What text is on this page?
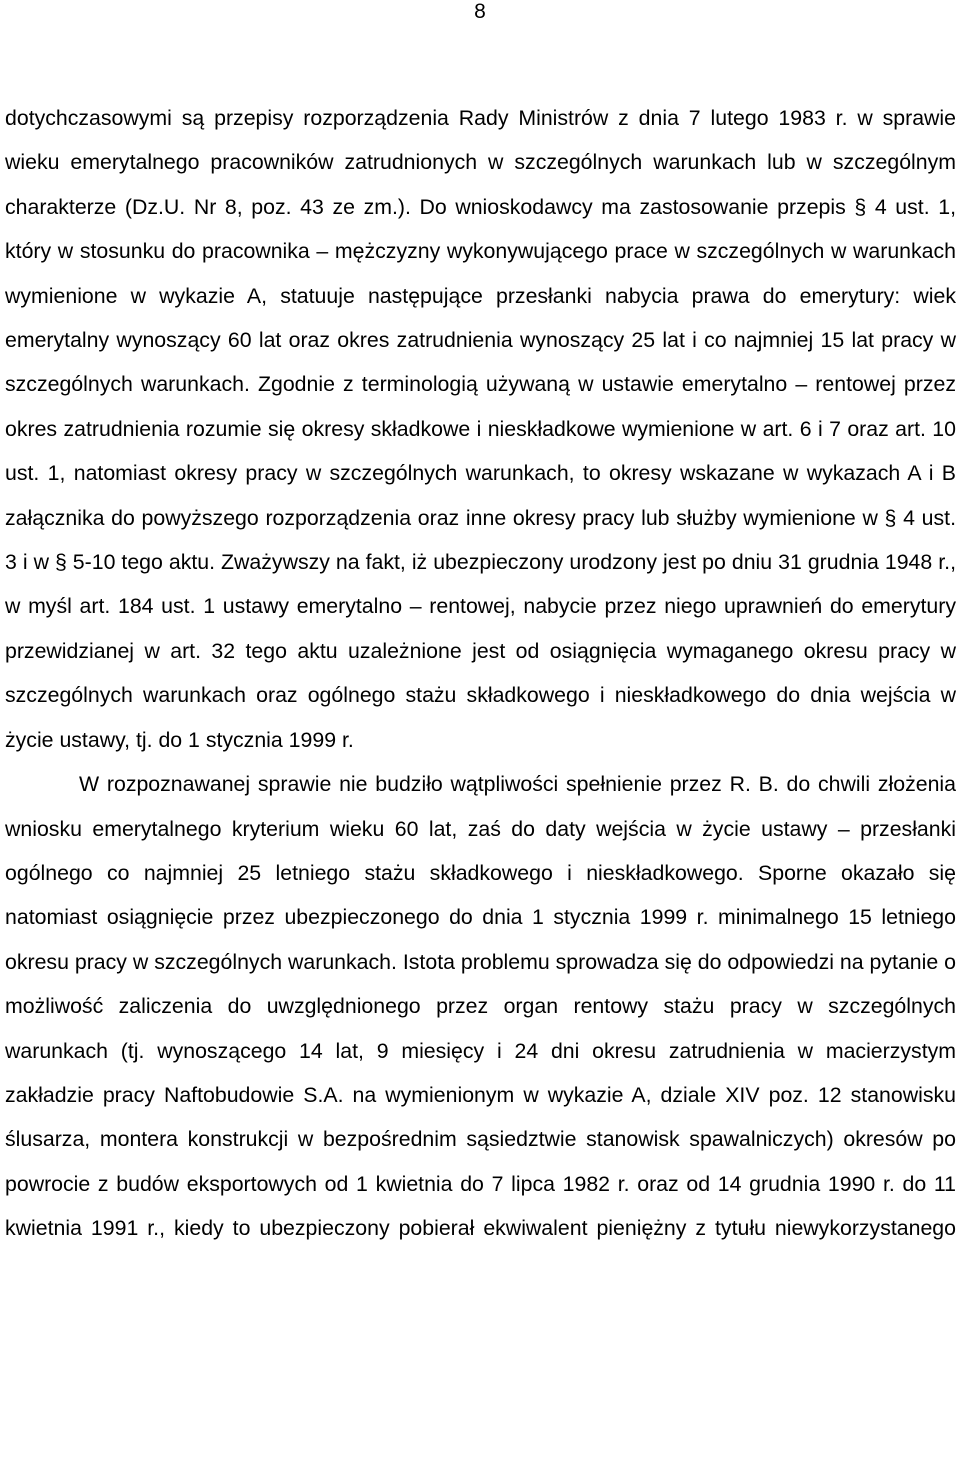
8

dotychczasowymi są przepisy rozporządzenia Rady Ministrów z dnia 7 lutego 1983 r. w sprawie wieku emerytalnego pracowników zatrudnionych w szczególnych warunkach lub w szczególnym charakterze (Dz.U. Nr 8, poz. 43 ze zm.). Do wnioskodawcy ma zastosowanie przepis § 4 ust. 1, który w stosunku do pracownika – mężczyzny wykonywującego prace w szczególnych w warunkach wymienione w wykazie A, statuuje następujące przesłanki nabycia prawa do emerytury: wiek emerytalny wynoszący 60 lat oraz okres zatrudnienia wynoszący 25 lat i co najmniej 15 lat pracy w szczególnych warunkach. Zgodnie z terminologią używaną w ustawie emerytalno – rentowej przez okres zatrudnienia rozumie się okresy składkowe i nieskładkowe wymienione w art. 6 i 7 oraz art. 10 ust. 1, natomiast okresy pracy w szczególnych warunkach, to okresy wskazane w wykazach A i B załącznika do powyższego rozporządzenia oraz inne okresy pracy lub służby wymienione w § 4 ust. 3 i w § 5-10 tego aktu. Zważywszy na fakt, iż ubezpieczony urodzony jest po dniu 31 grudnia 1948 r., w myśl art. 184 ust. 1 ustawy emerytalno – rentowej, nabycie przez niego uprawnień do emerytury przewidzianej w art. 32 tego aktu uzależnione jest od osiągnięcia wymaganego okresu pracy w szczególnych warunkach oraz ogólnego stażu składkowego i nieskładkowego do dnia wejścia w życie ustawy, tj. do 1 stycznia 1999 r.

W rozpoznawanej sprawie nie budziło wątpliwości spełnienie przez R. B. do chwili złożenia wniosku emerytalnego kryterium wieku 60 lat, zaś do daty wejścia w życie ustawy – przesłanki ogólnego co najmniej 25 letniego stażu składkowego i nieskładkowego. Sporne okazało się natomiast osiągnięcie przez ubezpieczonego do dnia 1 stycznia 1999 r. minimalnego 15 letniego okresu pracy w szczególnych warunkach. Istota problemu sprowadza się do odpowiedzi na pytanie o możliwość zaliczenia do uwzględnionego przez organ rentowy stażu pracy w szczególnych warunkach (tj. wynoszącego 14 lat, 9 miesięcy i 24 dni okresu zatrudnienia w macierzystym zakładzie pracy Naftobudowie S.A. na wymienionym w wykazie A, dziale XIV poz. 12 stanowisku ślusarza, montera konstrukcji w bezpośrednim sąsiedztwie stanowisk spawalniczych) okresów po powrocie z budów eksportowych od 1 kwietnia do 7 lipca 1982 r. oraz od 14 grudnia 1990 r. do 11 kwietnia 1991 r., kiedy to ubezpieczony pobierał ekwiwalent pieniężny z tytułu niewykorzystanego
